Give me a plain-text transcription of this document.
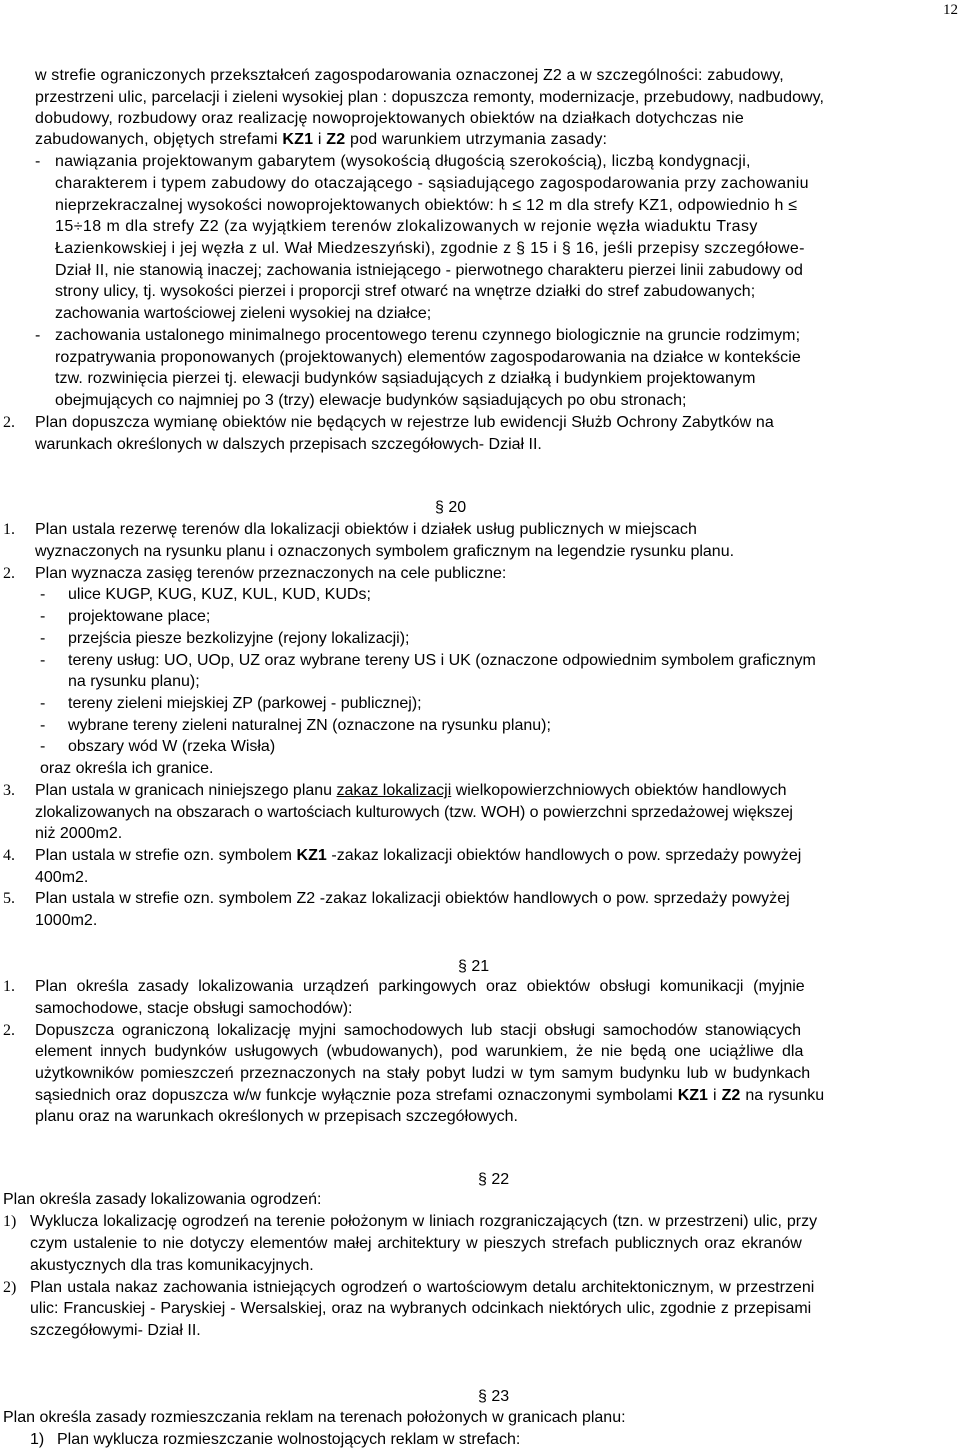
12
w strefie ograniczonych przekształceń zagospodarowania oznaczonej Z2 a w szczególności: zabudowy,
przestrzeni ulic, parcelacji i zieleni wysokiej plan : dopuszcza remonty, modernizacje, przebudowy, nadbudowy,
dobudowy, rozbudowy oraz realizację nowoprojektowanych obiektów na działkach dotychczas nie
zabudowanych, objętych strefami KZ1 i Z2 pod warunkiem utrzymania zasady:
- nawiązania projektowanym gabarytem (wysokością długością szerokością), liczbą kondygnacji,
charakterem i typem zabudowy do otaczającego - sąsiadującego zagospodarowania przy zachowaniu
nieprzekraczalnej wysokości nowoprojektowanych obiektów: h ≤ 12 m dla strefy KZ1, odpowiednio h ≤
15÷18 m dla strefy Z2 (za wyjątkiem terenów zlokalizowanych w rejonie węzła wiaduktu Trasy
Łazienkowskiej i jej węzła z ul. Wał Miedzeszyński), zgodnie z § 15 i § 16, jeśli przepisy szczegółowe-
Dział II, nie stanowią inaczej; zachowania istniejącego - pierwotnego charakteru pierzei linii zabudowy od
strony ulicy, tj. wysokości pierzei i proporcji stref otwarć na wnętrze działki do stref zabudowanych;
zachowania wartościowej zieleni wysokiej na działce;
- zachowania ustalonego minimalnego procentowego terenu czynnego biologicznie na gruncie rodzimym;
rozpatrywania proponowanych (projektowanych) elementów zagospodarowania na działce w kontekście
tzw. rozwinięcia pierzei tj. elewacji budynków sąsiadujących z działką i budynkiem projektowanym
obejmujących co najmniej po 3 (trzy) elewacje budynków sąsiadujących po obu stronach;
2. Plan dopuszcza wymianę obiektów nie będących w rejestrze lub ewidencji Służb Ochrony Zabytków na
warunkach określonych w dalszych przepisach szczegółowych- Dział II.
§ 20
1. Plan ustala rezerwę terenów dla lokalizacji obiektów i działek usług publicznych w miejscach
wyznaczonych na rysunku planu i oznaczonych symbolem graficznym na legendzie rysunku planu.
2. Plan wyznacza zasięg terenów przeznaczonych na cele publiczne:
- ulice KUGP, KUG, KUZ, KUL, KUD, KUDs;
- projektowane place;
- przejścia piesze bezkolizyjne (rejony lokalizacji);
- tereny usług: UO, UOp, UZ oraz wybrane tereny US i UK (oznaczone odpowiednim symbolem graficznym
na rysunku planu);
- tereny zieleni miejskiej ZP (parkowej - publicznej);
- wybrane tereny zieleni naturalnej ZN (oznaczone na rysunku planu);
- obszary wód W (rzeka Wisła)
oraz określa ich granice.
3. Plan ustala w granicach niniejszego planu zakaz lokalizacji wielkopowierzchniowych obiektów handlowych
zlokalizowanych na obszarach o wartościach kulturowych (tzw. WOH) o powierzchni sprzedażowej większej
niż 2000m2.
4. Plan ustala w strefie ozn. symbolem KZ1 -zakaz lokalizacji obiektów handlowych o pow. sprzedaży powyżej
400m2.
5. Plan ustala w strefie ozn. symbolem Z2 -zakaz lokalizacji obiektów handlowych o pow. sprzedaży powyżej
1000m2.
§ 21
1. Plan określa zasady lokalizowania urządzeń parkingowych oraz obiektów obsługi komunikacji (myjnie
samochodowe, stacje obsługi samochodów):
2. Dopuszcza ograniczoną lokalizację myjni samochodowych lub stacji obsługi samochodów stanowiących
element innych budynków usługowych (wbudowanych), pod warunkiem, że nie będą one uciążliwe dla
użytkowników pomieszczeń przeznaczonych na stały pobyt ludzi w tym samym budynku lub w budynkach
sąsiednich oraz dopuszcza w/w funkcje wyłącznie poza strefami oznaczonymi symbolami KZ1 i Z2 na rysunku
planu oraz na warunkach określonych w przepisach szczegółowych.
§ 22
Plan określa zasady lokalizowania ogrodzeń:
1) Wyklucza lokalizację ogrodzeń na terenie położonym w liniach rozgraniczających (tzn. w przestrzeni) ulic, przy
czym ustalenie to nie dotyczy elementów małej architektury w pieszych strefach publicznych oraz ekranów
akustycznych dla tras komunikacyjnych.
2) Plan ustala nakaz zachowania istniejących ogrodzeń o wartościowym detalu architektonicznym, w przestrzeni
ulic: Francuskiej - Paryskiej - Wersalskiej, oraz na wybranych odcinkach niektórych ulic, zgodnie z przepisami
szczegółowymi- Dział II.
§ 23
Plan określa zasady rozmieszczania reklam na terenach położonych w granicach planu:
1) Plan wyklucza rozmieszczanie wolnostojących reklam w strefach:
